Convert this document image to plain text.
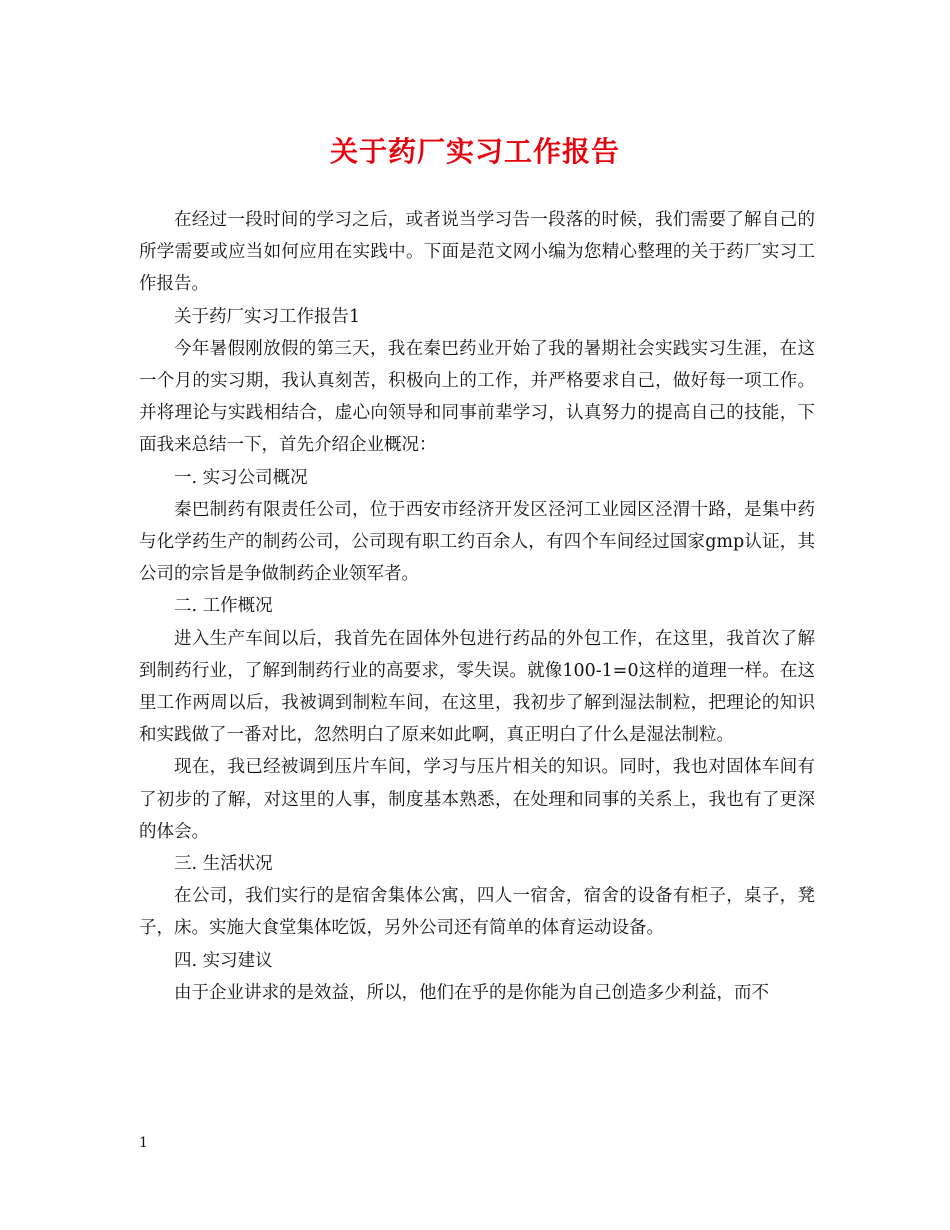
关于药厂实习工作报告

在经过一段时间的学习之后，或者说当学习告一段落的时候，我们需要了解自己的所学需要或应当如何应用在实践中。下面是范文网小编为您精心整理的关于药厂实习工作报告。

关于药厂实习工作报告1

今年暑假刚放假的第三天，我在秦巴药业开始了我的暑期社会实践实习生涯，在这一个月的实习期，我认真刻苦，积极向上的工作，并严格要求自己，做好每一项工作。并将理论与实践相结合，虚心向领导和同事前辈学习，认真努力的提高自己的技能，下面我来总结一下，首先介绍企业概况：

一. 实习公司概况

秦巴制药有限责任公司，位于西安市经济开发区泾河工业园区泾渭十路，是集中药与化学药生产的制药公司，公司现有职工约百余人，有四个车间经过国家gmp认证，其公司的宗旨是争做制药企业领军者。

二. 工作概况

进入生产车间以后，我首先在固体外包进行药品的外包工作，在这里，我首次了解到制药行业，了解到制药行业的高要求，零失误。就像100-1=0这样的道理一样。在这里工作两周以后，我被调到制粒车间，在这里，我初步了解到湿法制粒，把理论的知识和实践做了一番对比，忽然明白了原来如此啊，真正明白了什么是湿法制粒。

现在，我已经被调到压片车间，学习与压片相关的知识。同时，我也对固体车间有了初步的了解，对这里的人事，制度基本熟悉，在处理和同事的关系上，我也有了更深的体会。

三. 生活状况

在公司，我们实行的是宿舍集体公寓，四人一宿舍，宿舍的设备有柜子，桌子，凳子，床。实施大食堂集体吃饭，另外公司还有简单的体育运动设备。

四. 实习建议

由于企业讲求的是效益，所以，他们在乎的是你能为自己创造多少利益，而不

1
